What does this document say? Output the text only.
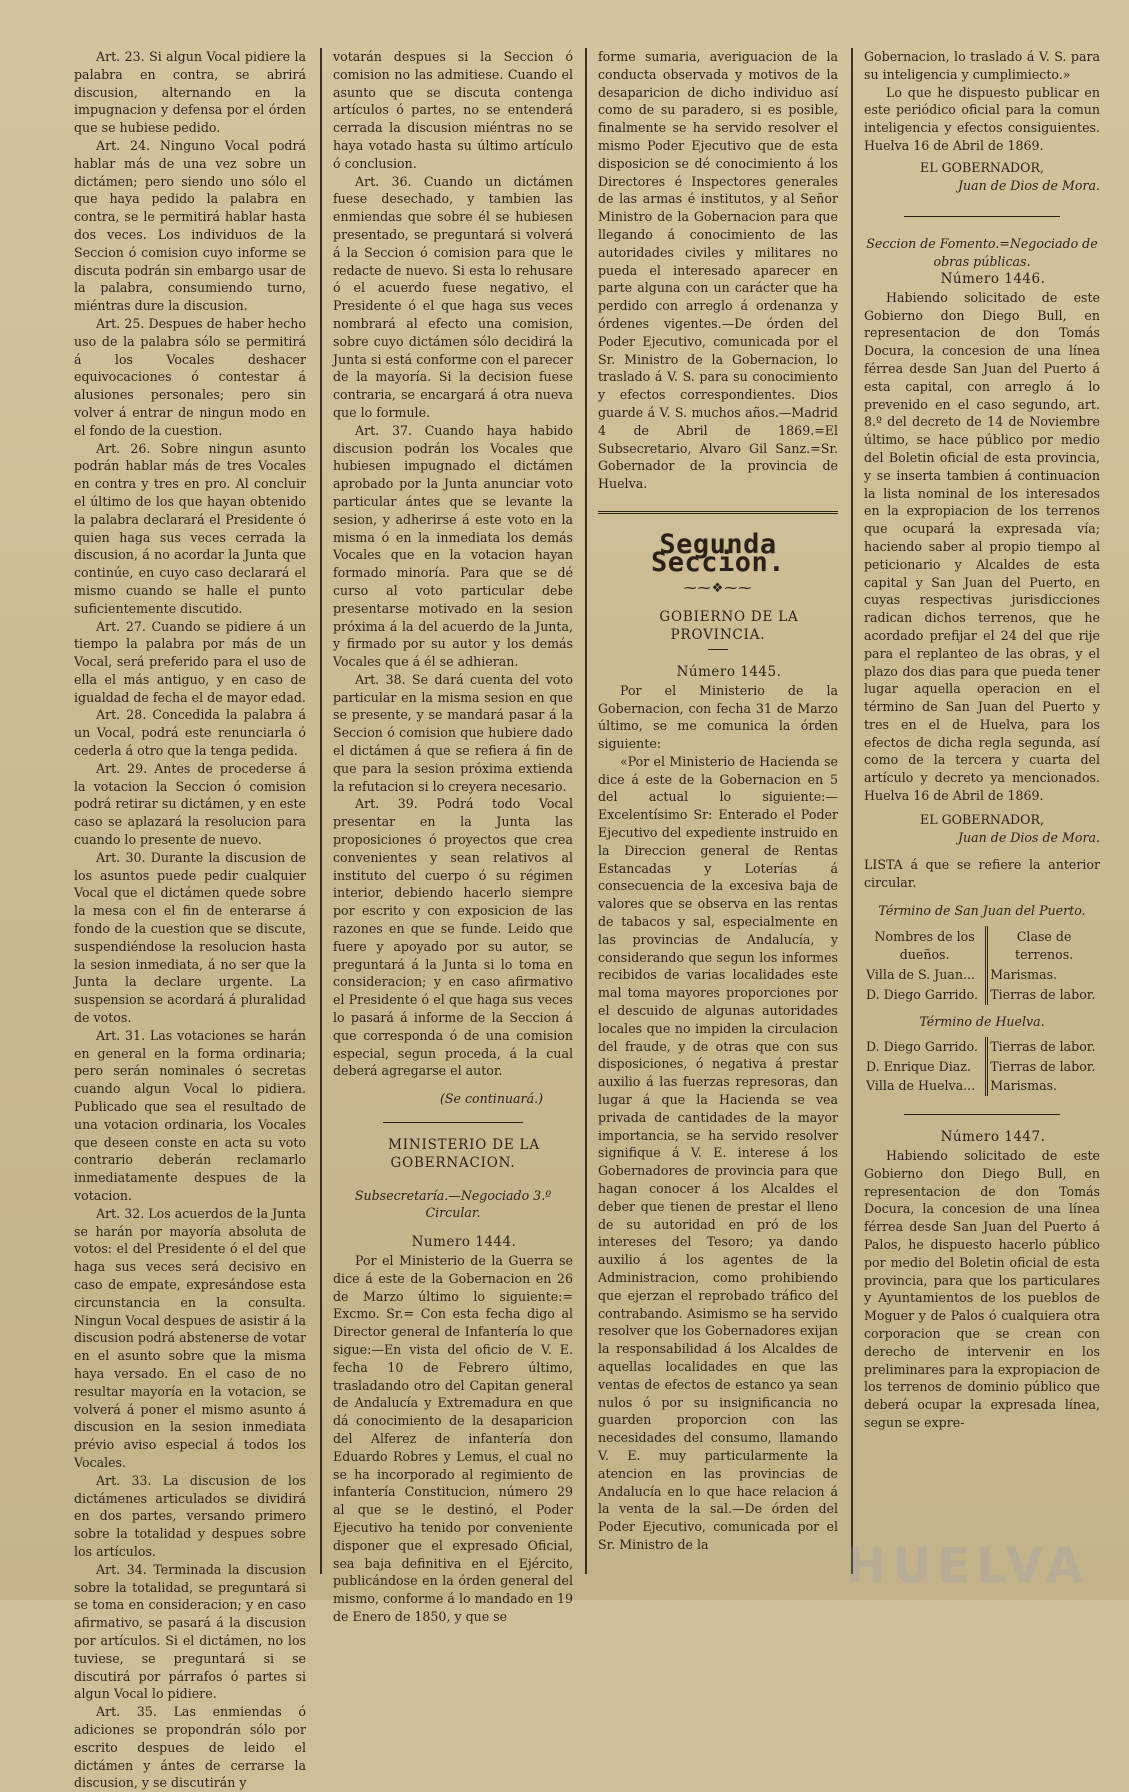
Art. 23. Si algun Vocal pidiere la palabra en contra, se abrirá discusion, alternando en la impugnacion y defensa por el órden que se hubiese pedido.

Art. 24. Ninguno Vocal podrá hablar más de una vez sobre un dictámen; pero siendo uno sólo el que haya pedido la palabra en contra, se le permitirá hablar hasta dos veces. Los individuos de la Seccion ó comision cuyo informe se discuta podrán sin embargo usar de la palabra, consumiendo turno, miéntras dure la discusion.

Art. 25. Despues de haber hecho uso de la palabra sólo se permitirá á los Vocales deshacer equivocaciones ó contestar á alusiones personales; pero sin volver á entrar de ningun modo en el fondo de la cuestion.

Art. 26. Sobre ningun asunto podrán hablar más de tres Vocales en contra y tres en pro. Al concluir el último de los que hayan obtenido la palabra declarará el Presidente ó quien haga sus veces cerrada la discusion, á no acordar la Junta que continúe, en cuyo caso declarará el mismo cuando se halle el punto suficientemente discutido.

Art. 27. Cuando se pidiere á un tiempo la palabra por más de un Vocal, será preferido para el uso de ella el más antiguo, y en caso de igualdad de fecha el de mayor edad.

Art. 28. Concedida la palabra á un Vocal, podrá este renunciarla ó cederla á otro que la tenga pedida.

Art. 29. Antes de procederse á la votacion la Seccion ó comision podrá retirar su dictámen, y en este caso se aplazará la resolucion para cuando lo presente de nuevo.

Art. 30. Durante la discusion de los asuntos puede pedir cualquier Vocal que el dictámen quede sobre la mesa con el fin de enterarse á fondo de la cuestion que se discute, suspendiéndose la resolucion hasta la sesion inmediata, á no ser que la Junta la declare urgente. La suspension se acordará á pluralidad de votos.

Art. 31. Las votaciones se harán en general en la forma ordinaria; pero serán nominales ó secretas cuando algun Vocal lo pidiera. Publicado que sea el resultado de una votacion ordinaria, los Vocales que deseen conste en acta su voto contrario deberán reclamarlo inmediatamente despues de la votacion.

Art. 32. Los acuerdos de la Junta se harán por mayoría absoluta de votos: el del Presidente ó el del que haga sus veces será decisivo en caso de empate, expresándose esta circunstancia en la consulta. Ningun Vocal despues de asistir á la discusion podrá abstenerse de votar en el asunto sobre que la misma haya versado. En el caso de no resultar mayoría en la votacion, se volverá á poner el mismo asunto á discusion en la sesion inmediata prévio aviso especial á todos los Vocales.

Art. 33. La discusion de los dictámenes articulados se dividirá en dos partes, versando primero sobre la totalidad y despues sobre los artículos.

Art. 34. Terminada la discusion sobre la totalidad, se preguntará si se toma en consideracion; y en caso afirmativo, se pasará á la discusion por artículos. Si el dictámen, no los tuviese, se preguntará si se discutirá por párrafos ó partes si algun Vocal lo pidiere.

Art. 35. Las enmiendas ó adiciones se propondrán sólo por escrito despues de leido el dictámen y ántes de cerrarse la discusion, y se discutirán y

votarán despues si la Seccion ó comision no las admitiese. Cuando el asunto que se discuta contenga artículos ó partes, no se entenderá cerrada la discusion miéntras no se haya votado hasta su último artículo ó conclusion.

Art. 36. Cuando un dictámen fuese desechado, y tambien las enmiendas que sobre él se hubiesen presentado, se preguntará si volverá á la Seccion ó comision para que le redacte de nuevo. Si esta lo rehusare ó el acuerdo fuese negativo, el Presidente ó el que haga sus veces nombrará al efecto una comision, sobre cuyo dictámen sólo decidirá la Junta si está conforme con el parecer de la mayoría. Si la decision fuese contraria, se encargará á otra nueva que lo formule.

Art. 37. Cuando haya habido discusion podrán los Vocales que hubiesen impugnado el dictámen aprobado por la Junta anunciar voto particular ántes que se levante la sesion, y adherirse á este voto en la misma ó en la inmediata los demás Vocales que en la votacion hayan formado minoría. Para que se dé curso al voto particular debe presentarse motivado en la sesion próxima á la del acuerdo de la Junta, y firmado por su autor y los demás Vocales que á él se adhieran.

Art. 38. Se dará cuenta del voto particular en la misma sesion en que se presente, y se mandará pasar á la Seccion ó comision que hubiere dado el dictámen á que se refiera á fin de que para la sesion próxima extienda la refutacion si lo creyera necesario.

Art. 39. Podrá todo Vocal presentar en la Junta las proposiciones ó proyectos que crea convenientes y sean relativos al instituto del cuerpo ó su régimen interior, debiendo hacerlo siempre por escrito y con exposicion de las razones en que se funde. Leido que fuere y apoyado por su autor, se preguntará á la Junta si lo toma en consideracion; y en caso afirmativo el Presidente ó el que haga sus veces lo pasará á informe de la Seccion á que corresponda ó de una comision especial, segun proceda, á la cual deberá agregarse el autor.

(Se continuará.)

MINISTERIO DE LA GOBERNACION.

Subsecretaría.—Negociado 3.º Circular.

Numero 1444.

Por el Ministerio de la Guerra se dice á este de la Gobernacion en 26 de Marzo último lo siguiente:= Excmo. Sr.= Con esta fecha digo al Director general de Infantería lo que sigue:—En vista del oficio de V. E. fecha 10 de Febrero último, trasladando otro del Capitan general de Andalucía y Extremadura en que dá conocimiento de la desaparicion del Alferez de infantería don Eduardo Robres y Lemus, el cual no se ha incorporado al regimiento de infantería Constitucion, número 29 al que se le destinó, el Poder Ejecutivo ha tenido por conveniente disponer que el expresado Oficial, sea baja definitiva en el Ejército, publicándose en la órden general del mismo, conforme á lo mandado en 19 de Enero de 1850, y que se

forme sumaria, averiguacion de la conducta observada y motivos de la desaparicion de dicho individuo así como de su paradero, si es posible, finalmente se ha servido resolver el mismo Poder Ejecutivo que de esta disposicion se dé conocimiento á los Directores é Inspectores generales de las armas é institutos, y al Señor Ministro de la Gobernacion para que llegando á conocimiento de las autoridades civiles y militares no pueda el interesado aparecer en parte alguna con un carácter que ha perdido con arreglo á ordenanza y órdenes vigentes.—De órden del Poder Ejecutivo, comunicada por el Sr. Ministro de la Gobernacion, lo traslado á V. S. para su conocimiento y efectos correspondientes. Dios guarde á V. S. muchos años.—Madrid 4 de Abril de 1869.=El Subsecretario, Alvaro Gil Sanz.=Sr. Gobernador de la provincia de Huelva.

Segunda Seccion.
⁓⁓❖⁓⁓

GOBIERNO DE LA PROVINCIA.

Número 1445.

Por el Ministerio de la Gobernacion, con fecha 31 de Marzo último, se me comunica la órden siguiente:

«Por el Ministerio de Hacienda se dice á este de la Gobernacion en 5 del actual lo siguiente:—Excelentísimo Sr: Enterado el Poder Ejecutivo del expediente instruido en la Direccion general de Rentas Estancadas y Loterías á consecuencia de la excesiva baja de valores que se observa en las rentas de tabacos y sal, especialmente en las provincias de Andalucía, y considerando que segun los informes recibidos de varias localidades este mal toma mayores proporciones por el descuido de algunas autoridades locales que no impiden la circulacion del fraude, y de otras que con sus disposiciones, ó negativa á prestar auxilio á las fuerzas represoras, dan lugar á que la Hacienda se vea privada de cantidades de la mayor importancia, se ha servido resolver signifique á V. E. interese á los Gobernadores de provincia para que hagan conocer á los Alcaldes el deber que tienen de prestar el lleno de su autoridad en pró de los intereses del Tesoro; ya dando auxilio á los agentes de la Administracion, como prohibiendo que ejerzan el reprobado tráfico del contrabando. Asimismo se ha servido resolver que los Gobernadores exijan la responsabilidad á los Alcaldes de aquellas localidades en que las ventas de efectos de estanco ya sean nulos ó por su insignificancia no guarden proporcion con las necesidades del consumo, llamando V. E. muy particularmente la atencion en las provincias de Andalucía en lo que hace relacion á la venta de la sal.—De órden del Poder Ejecutivo, comunicada por el Sr. Ministro de la

Gobernacion, lo traslado á V. S. para su inteligencia y cumplimiecto.»

Lo que he dispuesto publicar en este periódico oficial para la comun inteligencia y efectos consiguientes. Huelva 16 de Abril de 1869.

EL GOBERNADOR,

Juan de Dios de Mora.

Seccion de Fomento.=Negociado de obras públicas.

Número 1446.

Habiendo solicitado de este Gobierno don Diego Bull, en representacion de don Tomás Docura, la concesion de una línea férrea desde San Juan del Puerto á esta capital, con arreglo á lo prevenido en el caso segundo, art. 8.º del decreto de 14 de Noviembre último, se hace público por medio del Boletin oficial de esta provincia, y se inserta tambien á continuacion la lista nominal de los interesados en la expropiacion de los terrenos que ocupará la expresada vía; haciendo saber al propio tiempo al peticionario y Alcaldes de esta capital y San Juan del Puerto, en cuyas respectivas jurisdicciones radican dichos terrenos, que he acordado prefijar el 24 del que rije para el replanteo de las obras, y el plazo dos dias para que pueda tener lugar aquella operacion en el término de San Juan del Puerto y tres en el de Huelva, para los efectos de dicha regla segunda, así como de la tercera y cuarta del artículo y decreto ya mencionados. Huelva 16 de Abril de 1869.

EL GOBERNADOR,

Juan de Dios de Mora.

LISTA á que se refiere la anterior circular.

Término de San Juan del Puerto.

Nombres de los dueños.	Clase de terrenos.
Villa de S. Juan...	Marismas.
D. Diego Garrido.	Tierras de labor.

Término de Huelva.

D. Diego Garrido.	Tierras de labor.
D. Enrique Diaz.	Tierras de labor.
Villa de Huelva...	Marismas.

Número 1447.

Habiendo solicitado de este Gobierno don Diego Bull, en representacion de don Tomás Docura, la concesion de una línea férrea desde San Juan del Puerto á Palos, he dispuesto hacerlo público por medio del Boletin oficial de esta provincia, para que los particulares y Ayuntamientos de los pueblos de Moguer y de Palos ó cualquiera otra corporacion que se crean con derecho de intervenir en los preliminares para la expropiacion de los terrenos de dominio público que deberá ocupar la expresada línea, segun se expre-

HUELVA
